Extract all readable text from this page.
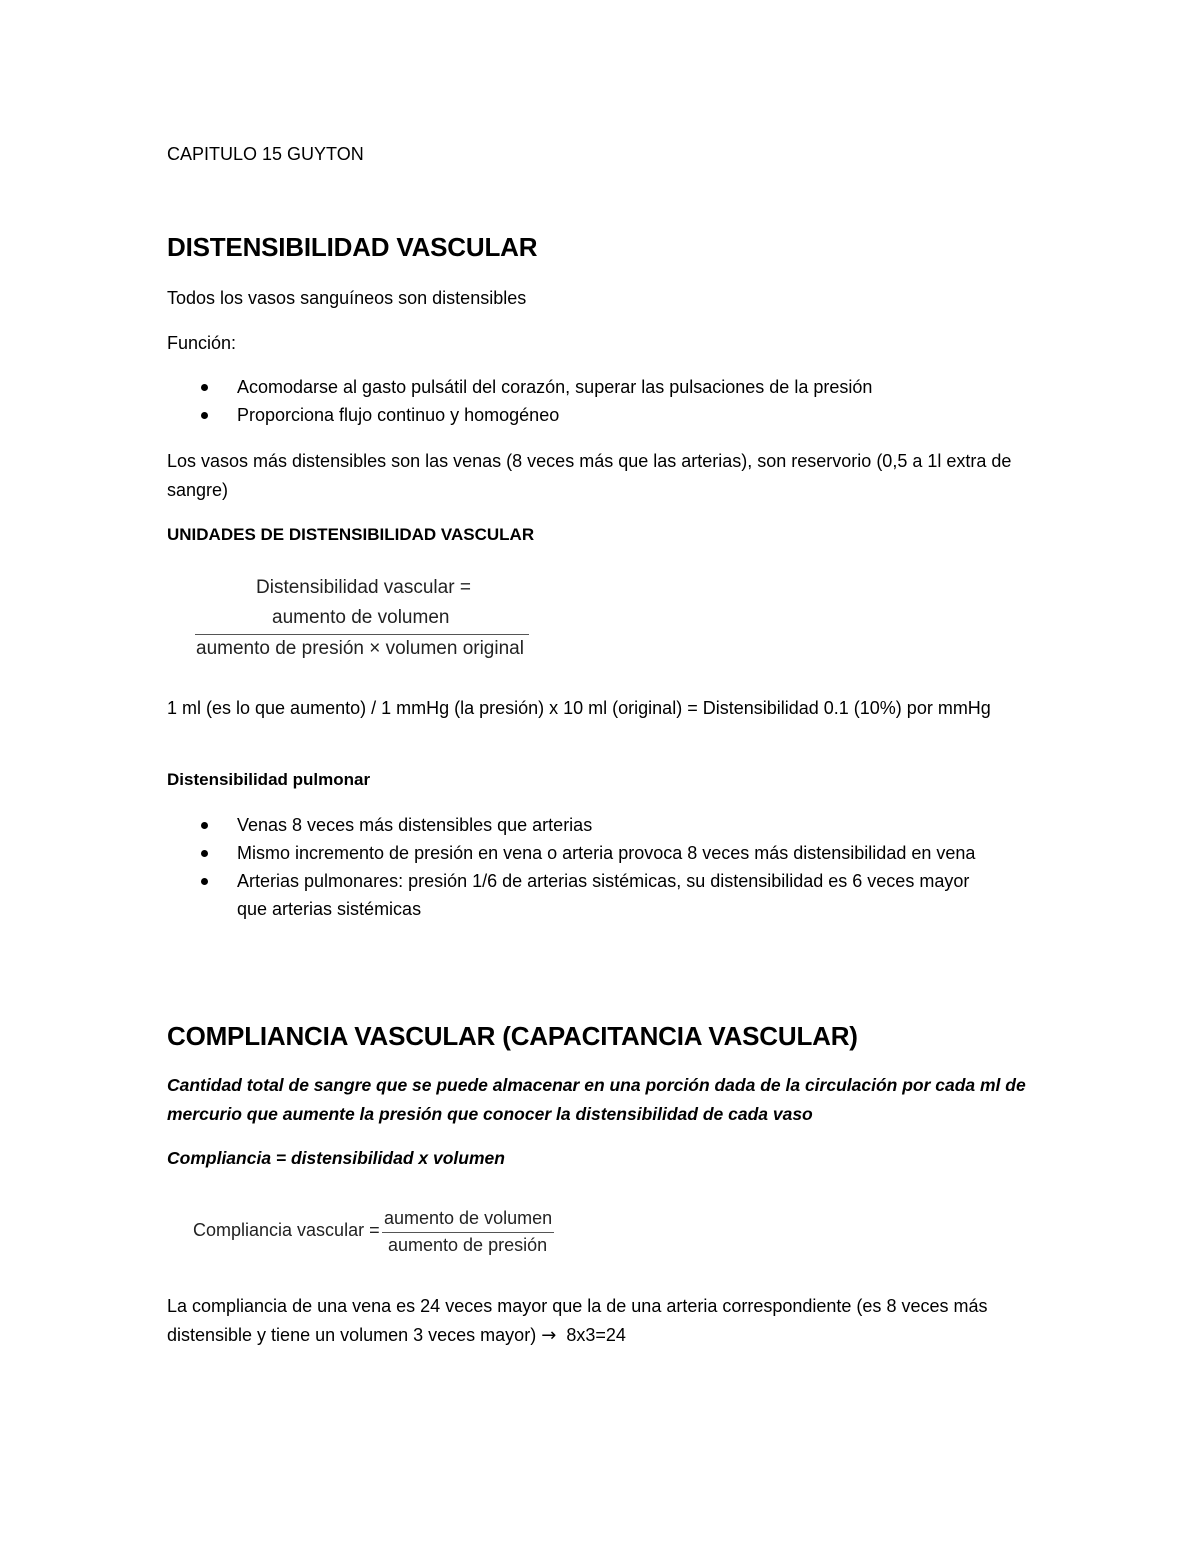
CAPITULO 15 GUYTON

DISTENSIBILIDAD VASCULAR

Todos los vasos sanguíneos son distensibles

Función:

Acomodarse al gasto pulsátil del corazón, superar las pulsaciones de la presión
Proporciona flujo continuo y homogéneo

Los vasos más distensibles son las venas (8 veces más que las arterias), son reservorio (0,5 a 1l extra de sangre)

UNIDADES DE DISTENSIBILIDAD VASCULAR

Distensibilidad vascular =
aumento de volumen
aumento de presión × volumen original

1 ml (es lo que aumento) / 1 mmHg (la presión) x 10 ml (original) = Distensibilidad 0.1 (10%) por mmHg

Distensibilidad pulmonar

Venas 8 veces más distensibles que arterias
Mismo incremento de presión en vena o arteria provoca 8 veces más distensibilidad en vena
Arterias pulmonares: presión 1/6 de arterias sistémicas, su distensibilidad es 6 veces mayor que arterias sistémicas
COMPLIANCIA VASCULAR (CAPACITANCIA VASCULAR)

Cantidad total de sangre que se puede almacenar en una porción dada de la circulación por cada ml de mercurio que aumente la presión que conocer la distensibilidad de cada vaso

Compliancia = distensibilidad x volumen

Compliancia vascular =
aumento de volumen
aumento de presión

La compliancia de una vena es 24 veces mayor que la de una arteria correspondiente (es 8 veces más distensible y tiene un volumen 3 veces mayor) → 8x3=24
